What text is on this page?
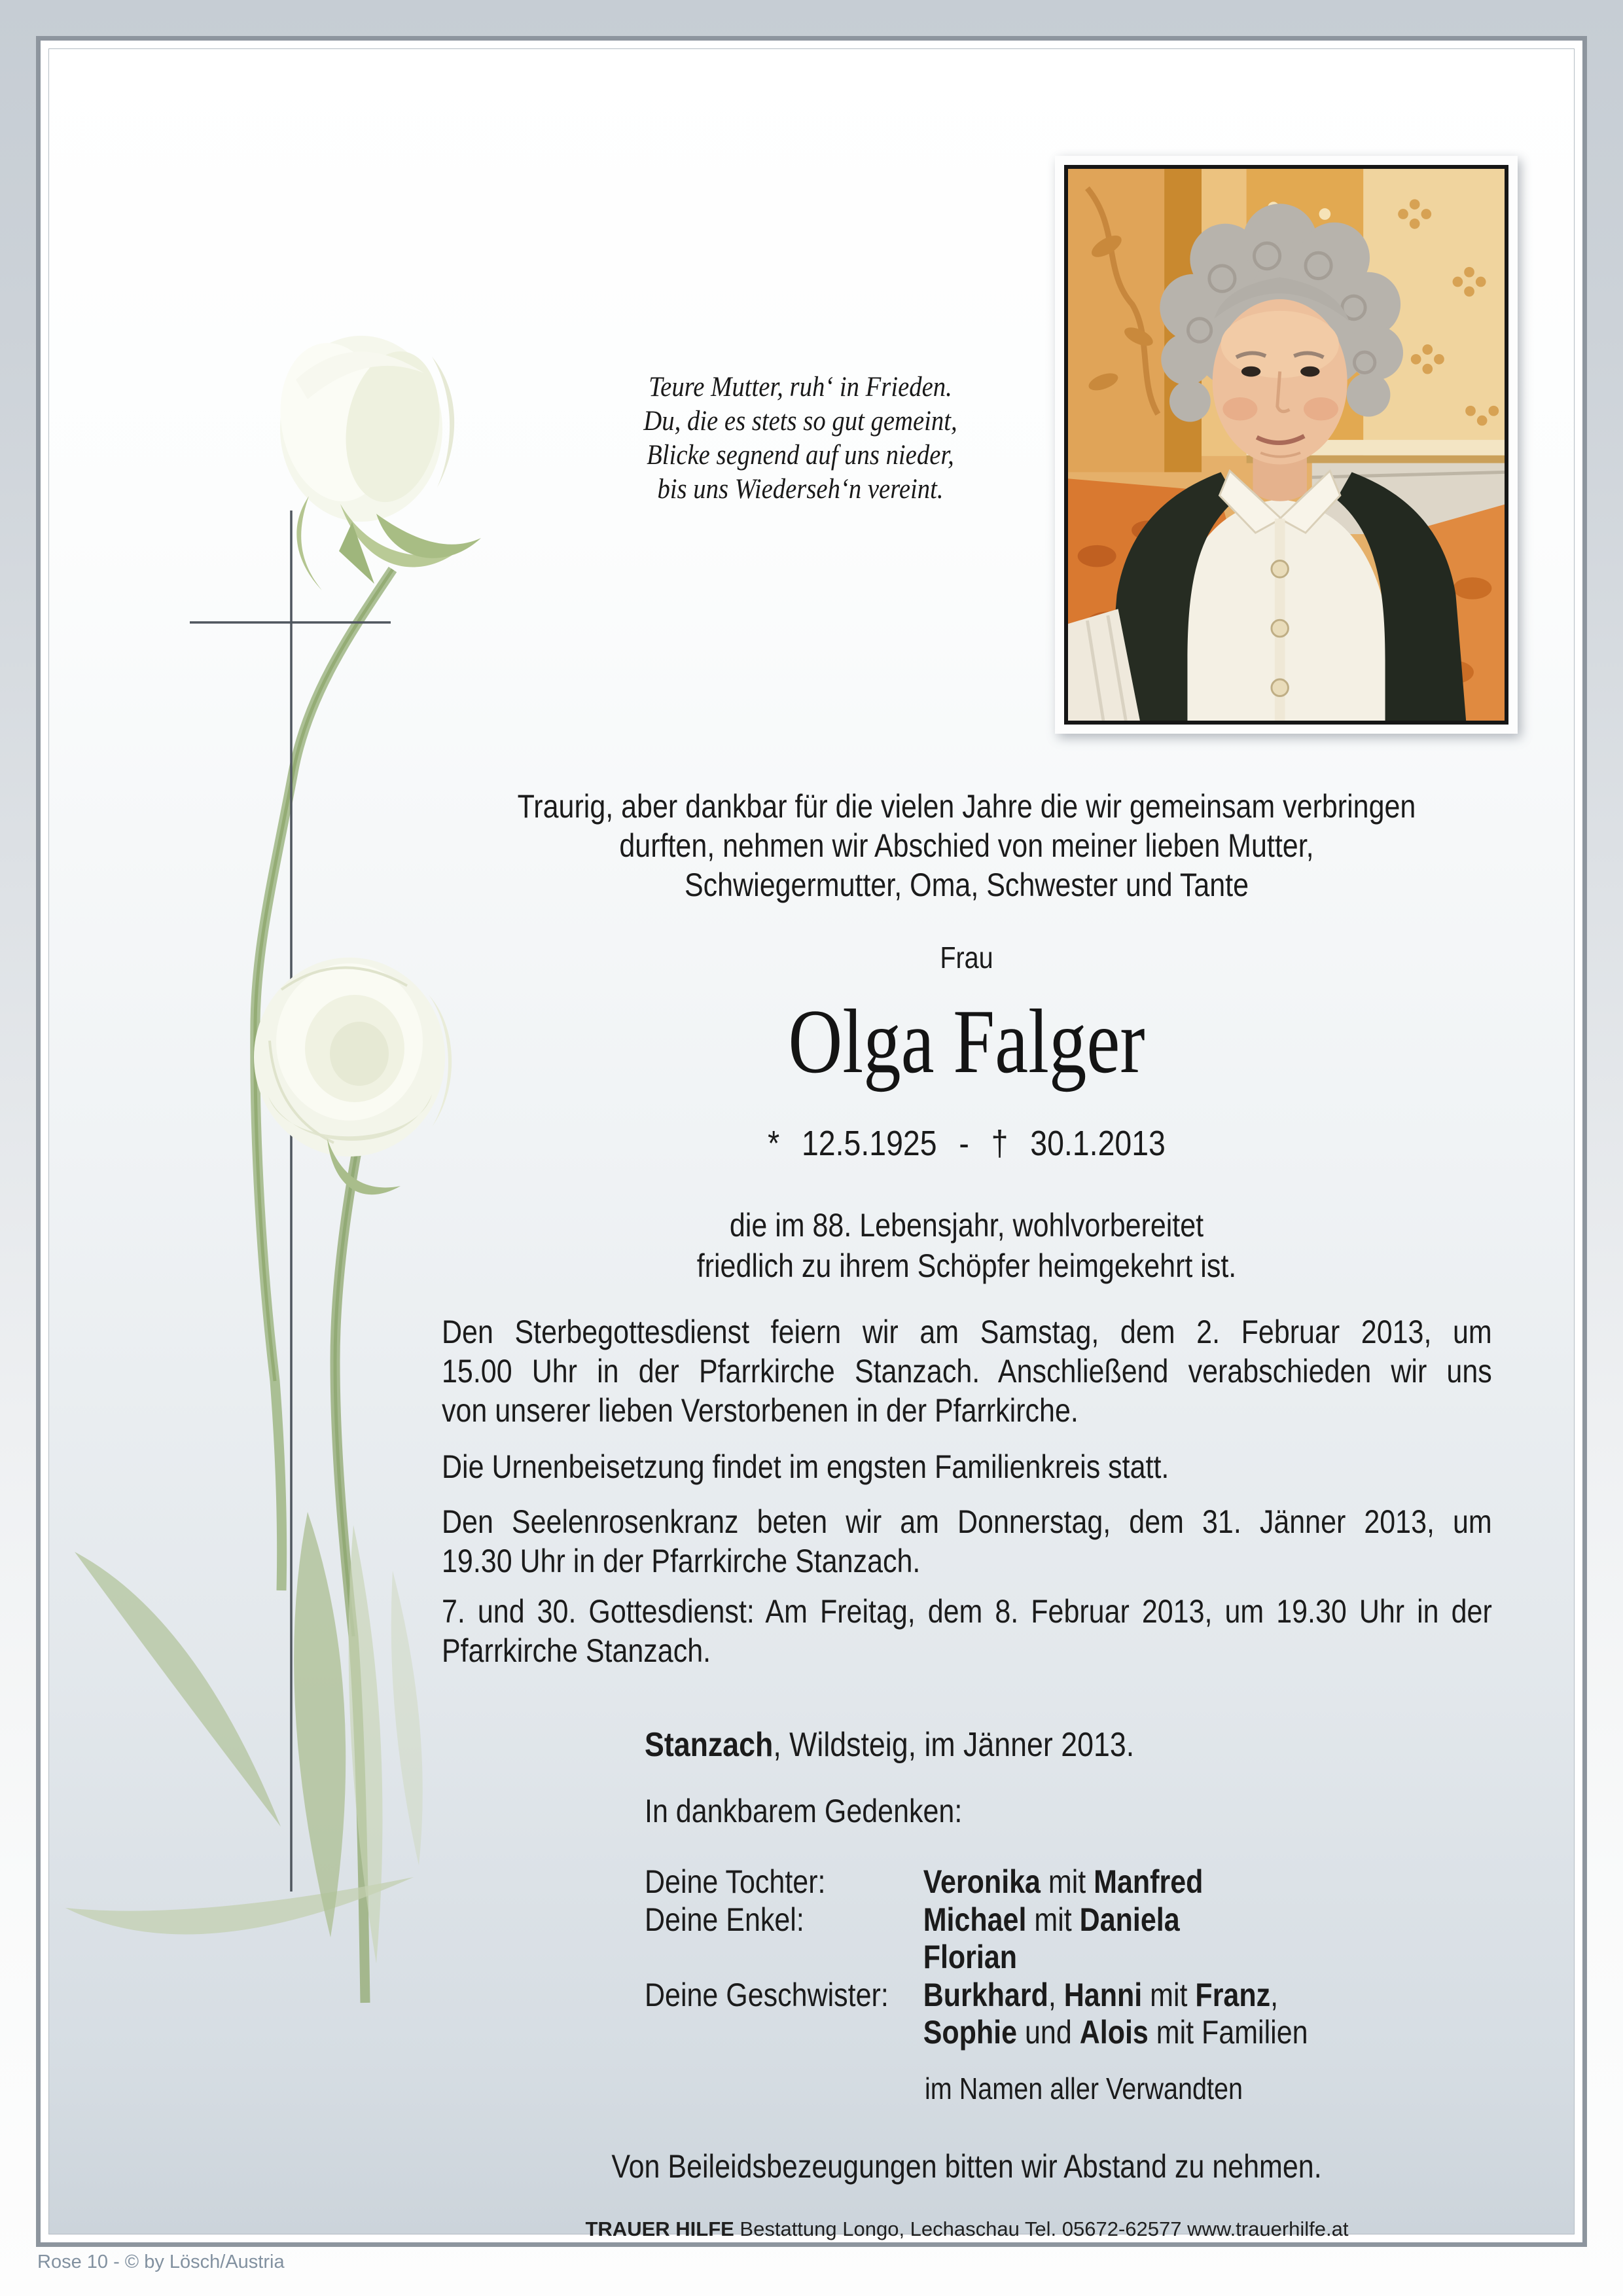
Teure Mutter, ruh‘ in Frieden.
Du, die es stets so gut gemeint,
Blicke segnend auf uns nieder,
bis uns Wiederseh‘n vereint.
Traurig, aber dankbar für die vielen Jahre die wir gemeinsam verbringen
durften, nehmen wir Abschied von meiner lieben Mutter,
Schwiegermutter, Oma, Schwester und Tante
Frau
Olga Falger
* 12.5.1925 - † 30.1.2013
die im 88. Lebensjahr, wohlvorbereitet
friedlich zu ihrem Schöpfer heimgekehrt ist.
Den Sterbegottesdienst feiern wir am Samstag, dem 2. Februar 2013, um
15.00 Uhr in der Pfarrkirche Stanzach. Anschließend verabschieden wir uns
von unserer lieben Verstorbenen in der Pfarrkirche.
Die Urnenbeisetzung findet im engsten Familienkreis statt.
Den Seelenrosenkranz beten wir am Donnerstag, dem 31. Jänner 2013, um
19.30 Uhr in der Pfarrkirche Stanzach.
7. und 30. Gottesdienst: Am Freitag, dem 8. Februar 2013, um 19.30 Uhr in der
Pfarrkirche Stanzach.
Stanzach, Wildsteig, im Jänner 2013.
In dankbarem Gedenken:
Deine Tochter:	Veronika mit Manfred
Deine Enkel:	Michael mit Daniela
Florian
Deine Geschwister:	Burkhard, Hanni mit Franz,
Sophie und Alois mit Familien
im Namen aller Verwandten
Von Beileidsbezeugungen bitten wir Abstand zu nehmen.
TRAUER HILFE Bestattung Longo, Lechaschau Tel. 05672-62577 www.trauerhilfe.at
Rose 10 - © by Lösch/Austria
